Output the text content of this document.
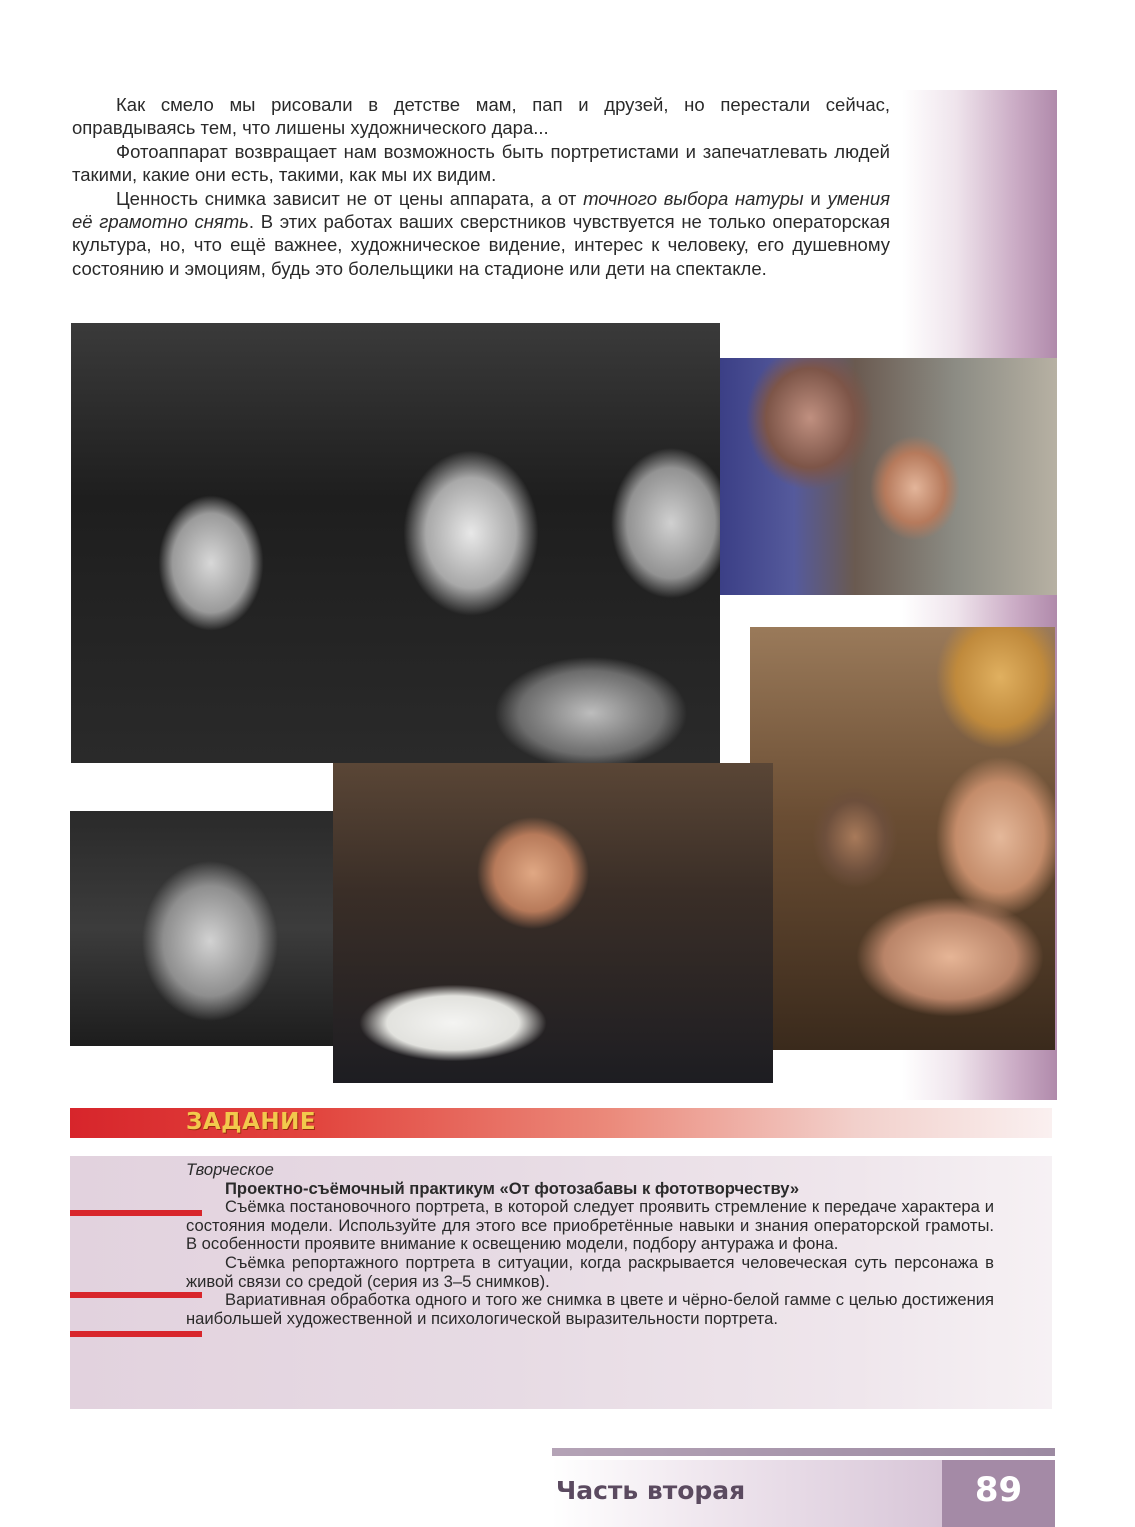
Как смело мы рисовали в детстве мам, пап и друзей, но перестали сейчас, оправдываясь тем, что лишены художнического дара...

Фотоаппарат возвращает нам возможность быть портретистами и запечатлевать людей такими, какие они есть, такими, как мы их видим.

Ценность снимка зависит не от цены аппарата, а от точного выбора натуры и умения её грамотно снять. В этих работах ваших сверстников чувствуется не только операторская культура, но, что ещё важнее, художническое видение, интерес к человеку, его душевному состоянию и эмоциям, будь это болельщики на стадионе или дети на спектакле.

ЗАДАНИЕ

Творческое

Проектно-съёмочный практикум «От фотозабавы к фототворчеству»

Съёмка постановочного портрета, в которой следует проявить стремление к передаче характера и состояния модели. Используйте для этого все приобретённые навыки и знания операторской грамоты. В особенности проявите внимание к освещению модели, подбору антуража и фона.

Съёмка репортажного портрета в ситуации, когда раскрывается человеческая суть персонажа в живой связи со средой (серия из 3–5 снимков).

Вариативная обработка одного и того же снимка в цвете и чёрно-белой гамме с целью достижения наибольшей художественной и психологической выразительности портрета.

Часть вторая	89
